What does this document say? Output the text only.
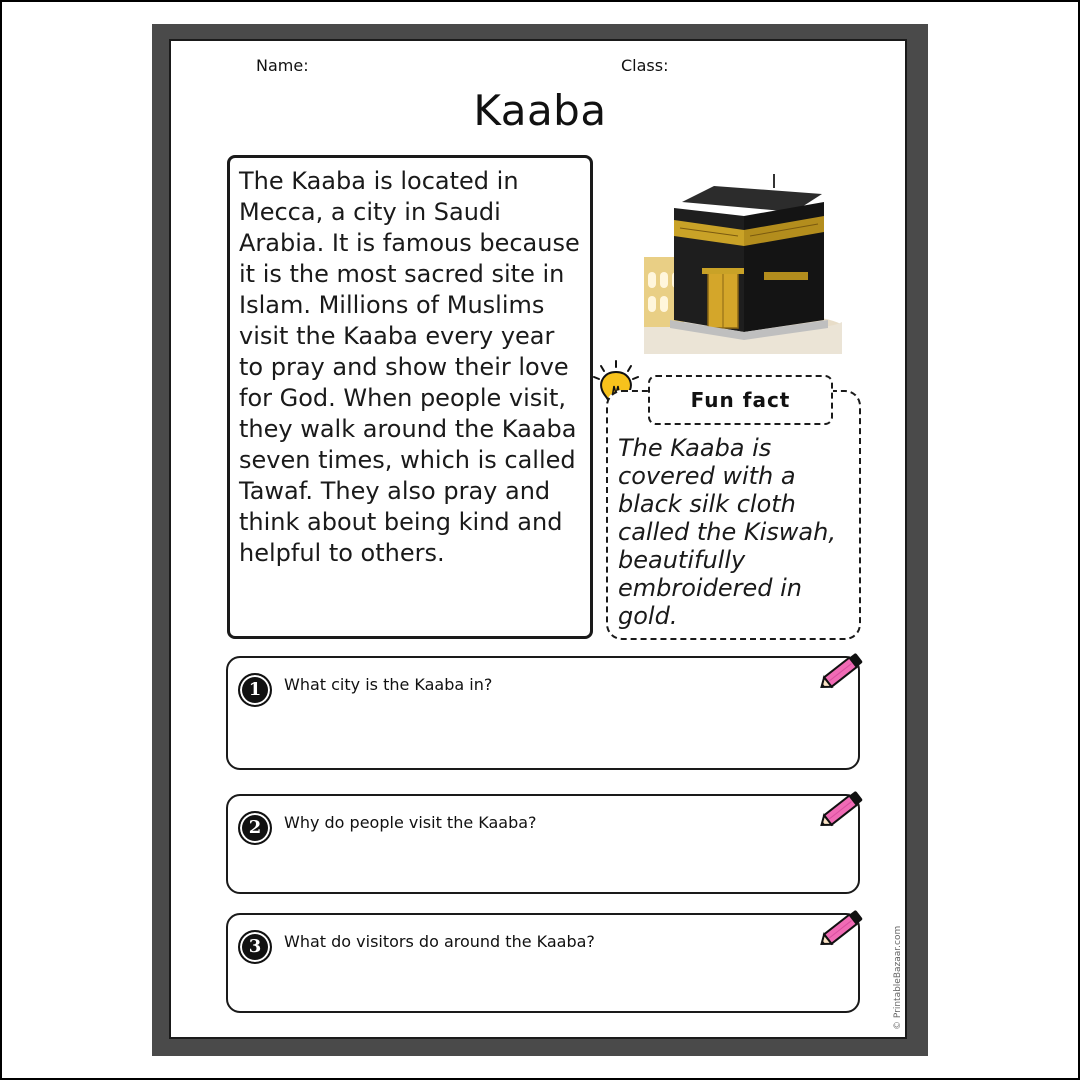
Name:	Class:
Kaaba
The Kaaba is located in Mecca, a city in Saudi Arabia. It is famous because it is the most sacred site in Islam. Millions of Muslims visit the Kaaba every year to pray and show their love for God. When people visit, they walk around the Kaaba seven times, which is called Tawaf. They also pray and think about being kind and helpful to others.
Fun fact
The Kaaba is covered with a black silk cloth called the Kiswah, beautifully embroidered in gold.
1	What city is the Kaaba in?
2	Why do people visit the Kaaba?
3	What do visitors do around the Kaaba?	© PrintableBazaar.com
